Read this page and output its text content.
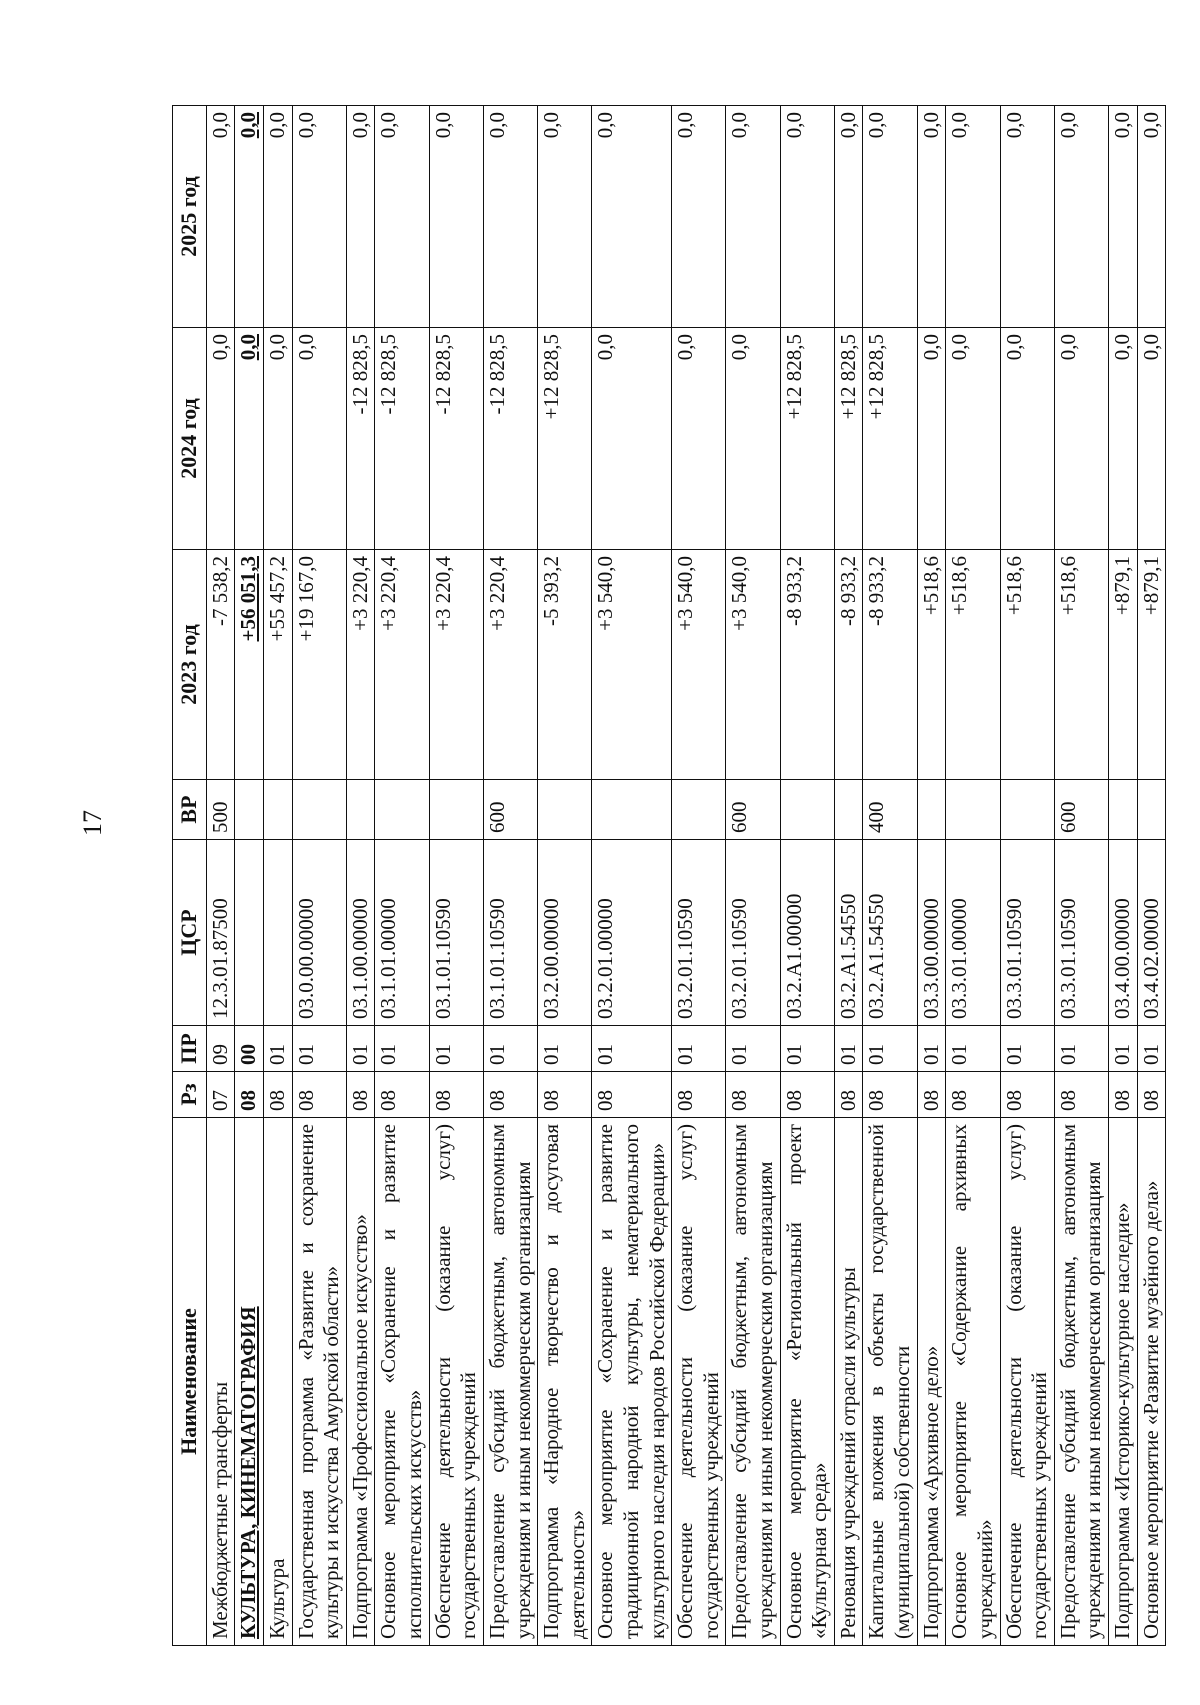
17
Наименование	Рз	ПР	ЦСР	ВР	2023 год	2024 год	2025 год
Межбюджетные трансферты	07	09	12.3.01.87500	500	-7 538,2	0,0	0,0
КУЛЬТУРА, КИНЕМАТОГРАФИЯ	08	00			+56 051,3	0,0	0,0
Культура	08	01			+55 457,2	0,0	0,0
Государственная программа «Развитие и сохранение культуры и искусства Амурской области»	08	01	03.0.00.00000		+19 167,0	0,0	0,0
Подпрограмма «Профессиональное искусство»	08	01	03.1.00.00000		+3 220,4	-12 828,5	0,0
Основное мероприятие «Сохранение и развитие исполнительских искусств»	08	01	03.1.01.00000		+3 220,4	-12 828,5	0,0
Обеспечение деятельности (оказание услуг) государственных учреждений	08	01	03.1.01.10590		+3 220,4	-12 828,5	0,0
Предоставление субсидий бюджетным, автономным учреждениям и иным некоммерческим организациям	08	01	03.1.01.10590	600	+3 220,4	-12 828,5	0,0
Подпрограмма «Народное творчество и досуговая деятельность»	08	01	03.2.00.00000		-5 393,2	+12 828,5	0,0
Основное мероприятие «Сохранение и развитие традиционной народной культуры, нематериального культурного наследия народов Российской Федерации»	08	01	03.2.01.00000		+3 540,0	0,0	0,0
Обеспечение деятельности (оказание услуг) государственных учреждений	08	01	03.2.01.10590		+3 540,0	0,0	0,0
Предоставление субсидий бюджетным, автономным учреждениям и иным некоммерческим организациям	08	01	03.2.01.10590	600	+3 540,0	0,0	0,0
Основное мероприятие «Региональный проект «Культурная среда»	08	01	03.2.A1.00000		-8 933,2	+12 828,5	0,0
Реновация учреждений отрасли культуры	08	01	03.2.A1.54550		-8 933,2	+12 828,5	0,0
Капитальные вложения в объекты государственной (муниципальной) собственности	08	01	03.2.A1.54550	400	-8 933,2	+12 828,5	0,0
Подпрограмма «Архивное дело»	08	01	03.3.00.00000		+518,6	0,0	0,0
Основное мероприятие «Содержание архивных учреждений»	08	01	03.3.01.00000		+518,6	0,0	0,0
Обеспечение деятельности (оказание услуг) государственных учреждений	08	01	03.3.01.10590		+518,6	0,0	0,0
Предоставление субсидий бюджетным, автономным учреждениям и иным некоммерческим организациям	08	01	03.3.01.10590	600	+518,6	0,0	0,0
Подпрограмма «Историко-культурное наследие»	08	01	03.4.00.00000		+879,1	0,0	0,0
Основное мероприятие «Развитие музейного дела»	08	01	03.4.02.00000		+879,1	0,0	0,0
